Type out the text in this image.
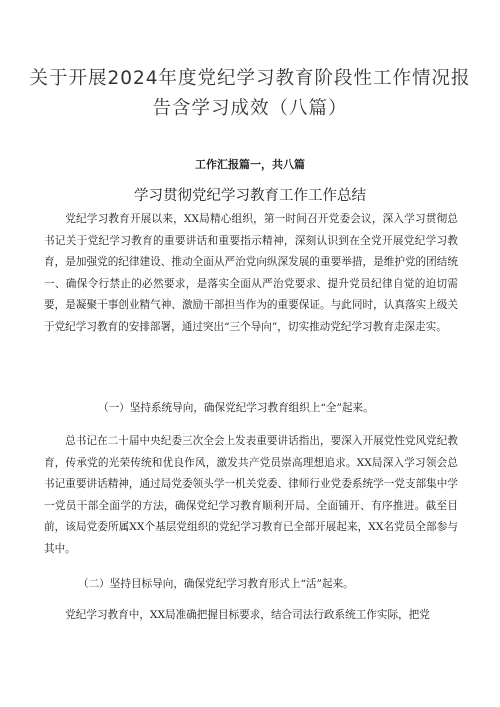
关于开展2024年度党纪学习教育阶段性工作情况报告含学习成效（八篇）

工作汇报篇一，共八篇

学习贯彻党纪学习教育工作工作总结

党纪学习教育开展以来，XX局精心组织，第一时间召开党委会议，深入学习贯彻总书记关于党纪学习教育的重要讲话和重要指示精神，深刻认识到在全党开展党纪学习教育，是加强党的纪律建设、推动全面从严治党向纵深发展的重要举措，是维护党的团结统一、确保令行禁止的必然要求，是落实全面从严治党要求、提升党员纪律自觉的迫切需要，是凝聚干事创业精气神、激励干部担当作为的重要保证。与此同时，认真落实上级关于党纪学习教育的安排部署，通过突出“三个导向”，切实推动党纪学习教育走深走实。

（一）坚持系统导向，确保党纪学习教育组织上“全”起来。

总书记在二十届中央纪委三次全会上发表重要讲话指出，要深入开展党性党风党纪教育，传承党的光荣传统和优良作风，激发共产党员崇高理想追求。XX局深入学习领会总书记重要讲话精神，通过局党委领头学一机关党委、律师行业党委系统学一党支部集中学一党员干部全面学的方法，确保党纪学习教育顺利开局、全面铺开、有序推进。截至目前，该局党委所属XX个基层党组织的党纪学习教育已全部开展起来，XX名党员全部参与其中。

（二）坚持目标导向，确保党纪学习教育形式上“活”起来。

党纪学习教育中，XX局准确把握目标要求，结合司法行政系统工作实际，把党
